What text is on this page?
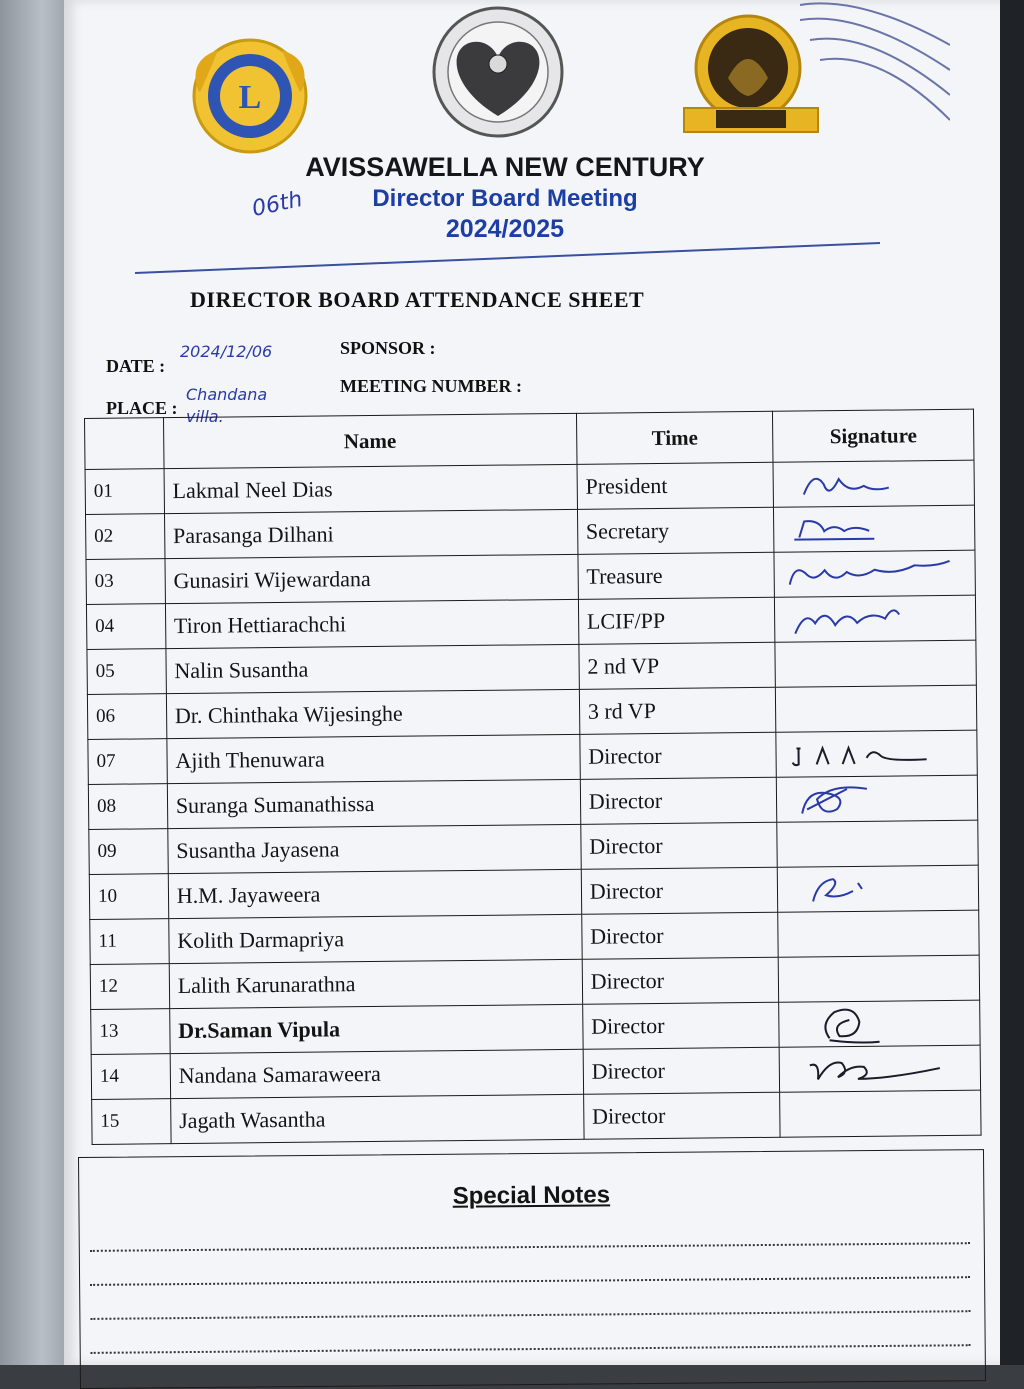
L
AVISSAWELLA NEW CENTURY
06th	Director Board Meeting
2024/2025
DIRECTOR BOARD ATTENDANCE SHEET
DATE :
2024/12/06
PLACE :
Chandana villa.
SPONSOR :
MEETING NUMBER :
	Name	Time	Signature
01	Lakmal Neel Dias	President	

02	Parasanga Dilhani	Secretary	

03	Gunasiri Wijewardana	Treasure	

04	Tiron Hettiarachchi	LCIF/PP	

05	Nalin Susantha	2 nd VP	
06	Dr. Chinthaka Wijesinghe	3 rd VP	
07	Ajith Thenuwara	Director	

08	Suranga Sumanathissa	Director	

09	Susantha Jayasena	Director	
10	H.M. Jayaweera	Director	

11	Kolith Darmapriya	Director	
12	Lalith Karunarathna	Director	
13	Dr.Saman Vipula	Director	

14	Nandana Samaraweera	Director	

15	Jagath Wasantha	Director	
Special Notes
